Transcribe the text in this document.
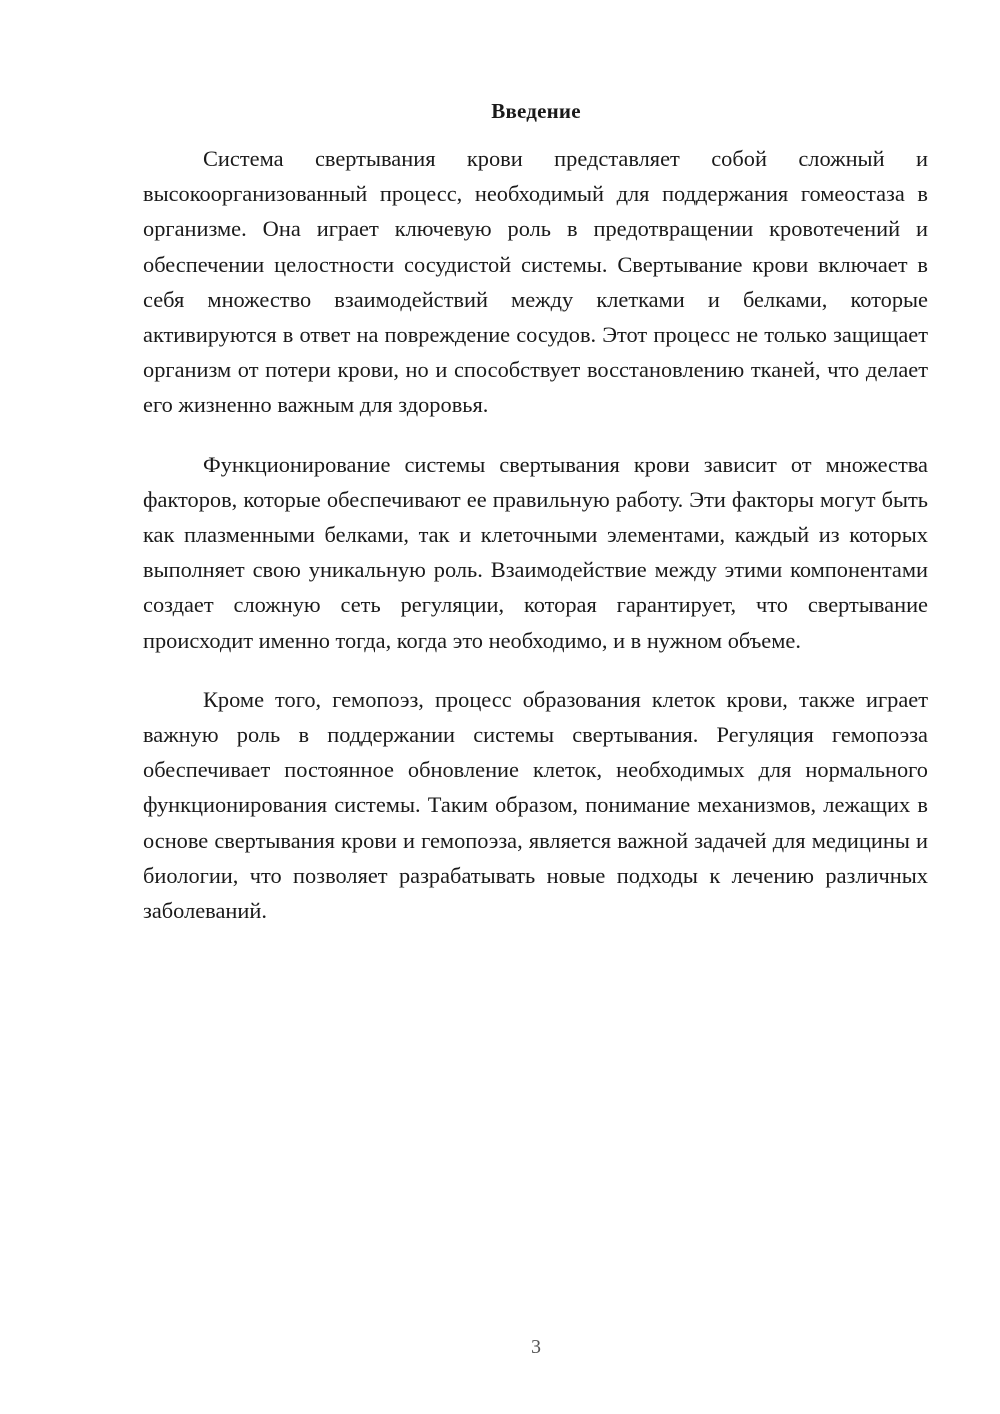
Введение

Система свертывания крови представляет собой сложный и высокоорганизованный процесс, необходимый для поддержания гомеостаза в организме. Она играет ключевую роль в предотвращении кровотечений и обеспечении целостности сосудистой системы. Свертывание крови включает в себя множество взаимодействий между клетками и белками, которые активируются в ответ на повреждение сосудов. Этот процесс не только защищает организм от потери крови, но и способствует восстановлению тканей, что делает его жизненно важным для здоровья.

Функционирование системы свертывания крови зависит от множества факторов, которые обеспечивают ее правильную работу. Эти факторы могут быть как плазменными белками, так и клеточными элементами, каждый из которых выполняет свою уникальную роль. Взаимодействие между этими компонентами создает сложную сеть регуляции, которая гарантирует, что свертывание происходит именно тогда, когда это необходимо, и в нужном объеме.

Кроме того, гемопоэз, процесс образования клеток крови, также играет важную роль в поддержании системы свертывания. Регуляция гемопоэза обеспечивает постоянное обновление клеток, необходимых для нормального функционирования системы. Таким образом, понимание механизмов, лежащих в основе свертывания крови и гемопоэза, является важной задачей для медицины и биологии, что позволяет разрабатывать новые подходы к лечению различных заболеваний.

3
